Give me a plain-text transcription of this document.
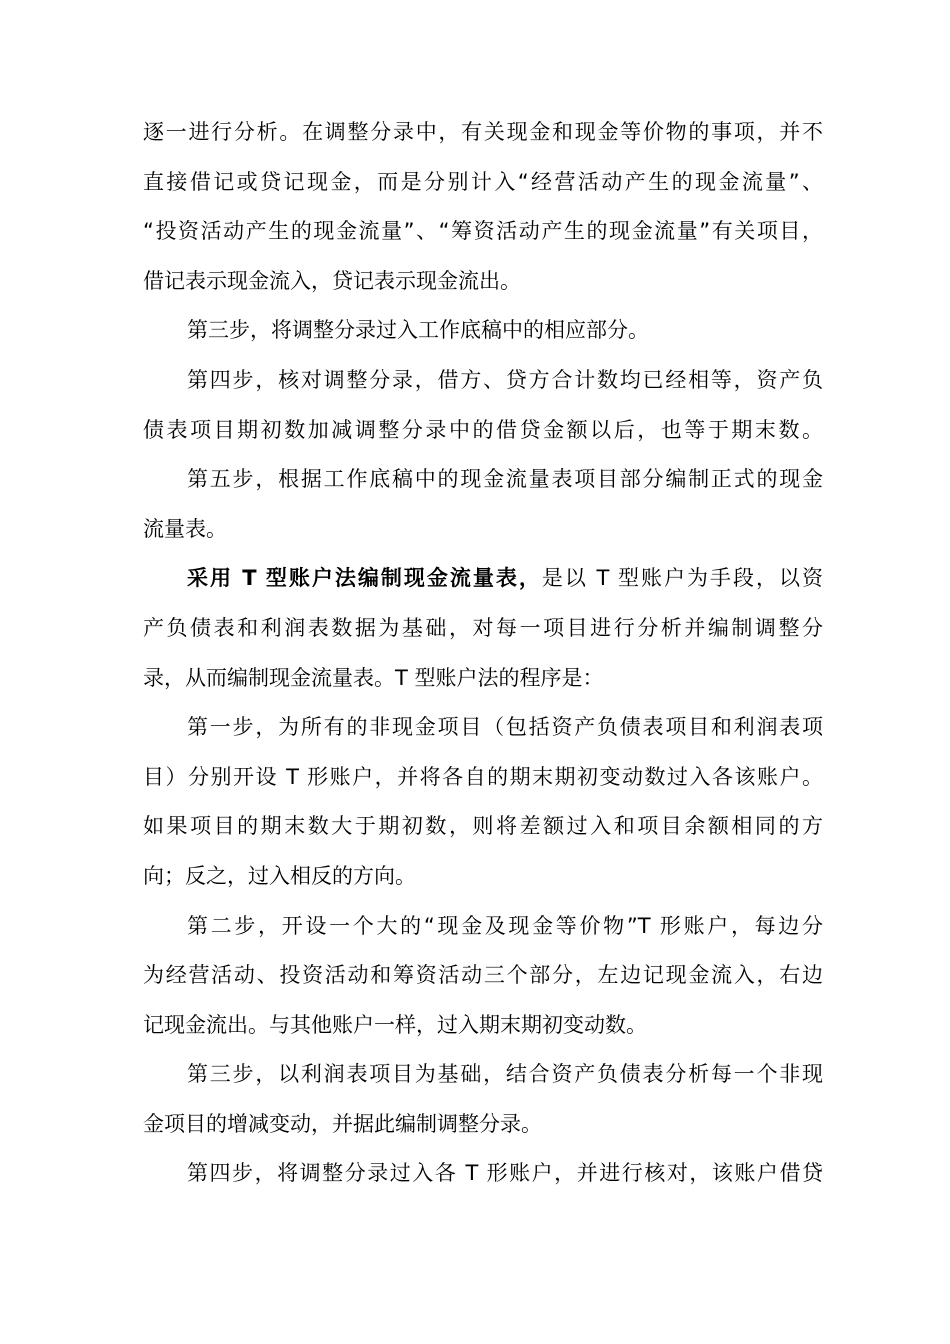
逐一进行分析。在调整分录中，有关现金和现金等价物的事项，并不
直接借记或贷记现金，而是分别计入“经营活动产生的现金流量”、
“投资活动产生的现金流量”、“筹资活动产生的现金流量”有关项目，
借记表示现金流入，贷记表示现金流出。
第三步，将调整分录过入工作底稿中的相应部分。
第四步，核对调整分录，借方、贷方合计数均已经相等，资产负
债表项目期初数加减调整分录中的借贷金额以后，也等于期末数。
第五步，根据工作底稿中的现金流量表项目部分编制正式的现金
流量表。
采用 T 型账户法编制现金流量表，是以 T 型账户为手段，以资
产负债表和利润表数据为基础，对每一项目进行分析并编制调整分
录，从而编制现金流量表。T 型账户法的程序是：
第一步，为所有的非现金项目（包括资产负债表项目和利润表项
目）分别开设 T 形账户，并将各自的期末期初变动数过入各该账户。
如果项目的期末数大于期初数，则将差额过入和项目余额相同的方
向；反之，过入相反的方向。
第二步，开设一个大的“现金及现金等价物”T 形账户，每边分
为经营活动、投资活动和筹资活动三个部分，左边记现金流入，右边
记现金流出。与其他账户一样，过入期末期初变动数。
第三步，以利润表项目为基础，结合资产负债表分析每一个非现
金项目的增减变动，并据此编制调整分录。
第四步，将调整分录过入各 T 形账户，并进行核对，该账户借贷
